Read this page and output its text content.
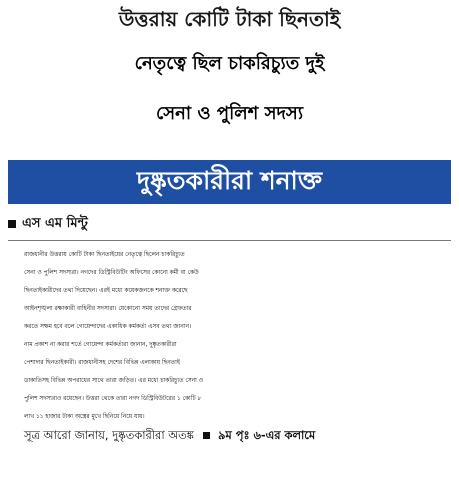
উত্তরায় কোটি টাকা ছিনতাই
নেতৃত্বে ছিল চাকরিচ্যুত দুই
সেনা ও পুলিশ সদস্য
দুষ্কৃতকারীরা শনাক্ত
এস এম মিন্টু
রাজধানীর উত্তরায় কোটি টাকা ছিনতাইয়ের নেতৃত্বে ছিলেন চাকরিচ্যুত
সেনা ও পুলিশ সদস্যরা। নগদের ডিস্ট্রিবিউটিং অফিসের কোনো কর্মী বা কেউ
ছিনতাইকারীদের তথ্য দিয়েছেন। এরই মধ্যে কয়েকজনকে শনাক্ত করেছে
আইনশৃঙ্খলা রক্ষাকারী বাহিনীর সদস্যরা। যেকোনো সময় তাদের গ্রেফতার
করতে সক্ষম হবে বলে গোয়েন্দাদের একাধিক কর্মকর্তা এসব তথ্য জানান।
নাম প্রকাশ না করার শর্তে গোয়েন্দা কর্মকর্তারা জানান, দুষ্কৃতকারীরা
পেশাদার ছিনতাইকারী। রাজধানীসহ দেশের বিভিন্ন এলাকায় ছিনতাই
ডাকাতিসহ বিভিন্ন অপরাধের সাথে তারা জড়িত। এর মধ্যে চাকরিচ্যুত সেনা ও
পুলিশ সদস্যরাও রয়েছেন। উত্তরা থেকে তারা নগদ ডিস্ট্রিবিউটরের ১ কোটি ৮
লাখ ১১ হাজার টাকা অস্ত্রের মুখে ছিনিয়ে নিয়ে যায়।
সূত্র আরো জানায়, দুষ্কৃতকারীরা অতঙ্ক ৯ম পৃঃ ৬-এর কলামে
